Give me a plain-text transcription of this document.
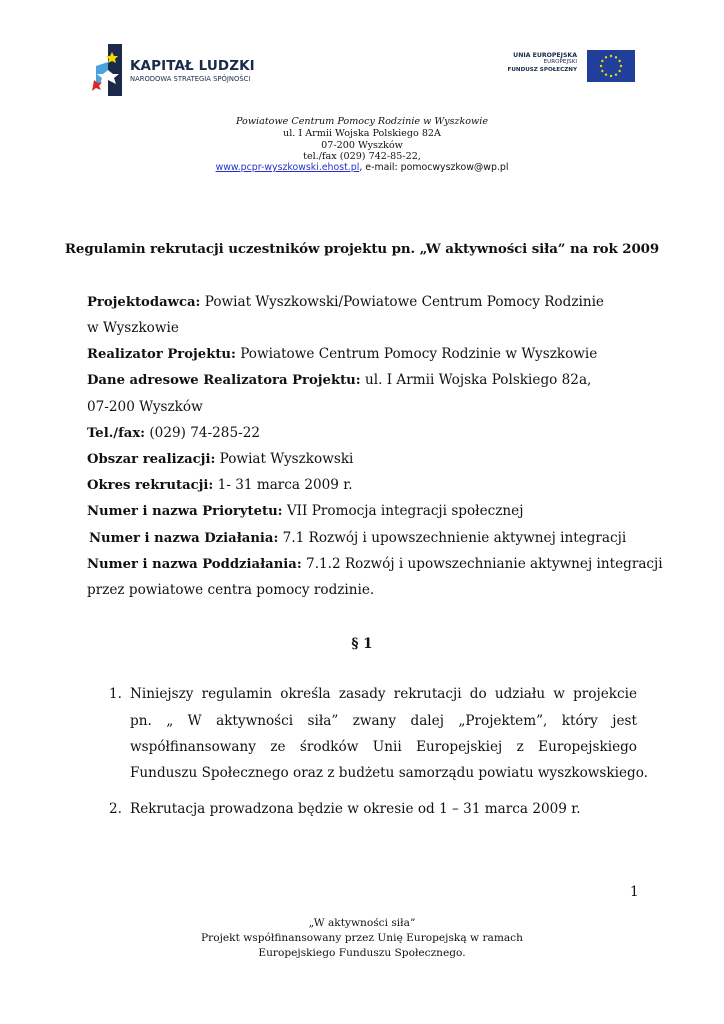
KAPITAŁ LUDZKI
NARODOWA STRATEGIA SPÓJNOŚCI
UNIA EUROPEJSKA
EUROPEJSKI
FUNDUSZ SPOŁECZNY
Powiatowe Centrum Pomocy Rodzinie w Wyszkowie
ul. I Armii Wojska Polskiego 82A
07-200 Wyszków
tel./fax (029) 742-85-22,
www.pcpr-wyszkowski.ehost.pl, e-mail: pomocwyszkow@wp.pl
Regulamin rekrutacji uczestników projektu pn. „W aktywności siła” na rok 2009
Projektodawca: Powiat Wyszkowski/Powiatowe Centrum Pomocy Rodzinie
w Wyszkowie
Realizator Projektu: Powiatowe Centrum Pomocy Rodzinie w Wyszkowie
Dane adresowe Realizatora Projektu: ul. I Armii Wojska Polskiego 82a,
07-200 Wyszków
Tel./fax: (029) 74-285-22
Obszar realizacji: Powiat Wyszkowski
Okres rekrutacji: 1- 31 marca 2009 r.
Numer i nazwa Priorytetu: VII Promocja integracji społecznej
Numer i nazwa Działania: 7.1 Rozwój i upowszechnienie aktywnej integracji
Numer i nazwa Poddziałania: 7.1.2 Rozwój i upowszechnianie aktywnej integracji
przez powiatowe centra pomocy rodzinie.
§ 1
1. Niniejszy regulamin określa zasady rekrutacji do udziału w projekcie
pn. „ W aktywności siła” zwany dalej „Projektem”, który jest
współfinansowany ze środków Unii Europejskiej z Europejskiego
Funduszu Społecznego oraz z budżetu samorządu powiatu wyszkowskiego.
2. Rekrutacja prowadzona będzie w okresie od 1 – 31 marca 2009 r.
1
„W aktywności siła”
Projekt współfinansowany przez Unię Europejską w ramach
Europejskiego Funduszu Społecznego.
